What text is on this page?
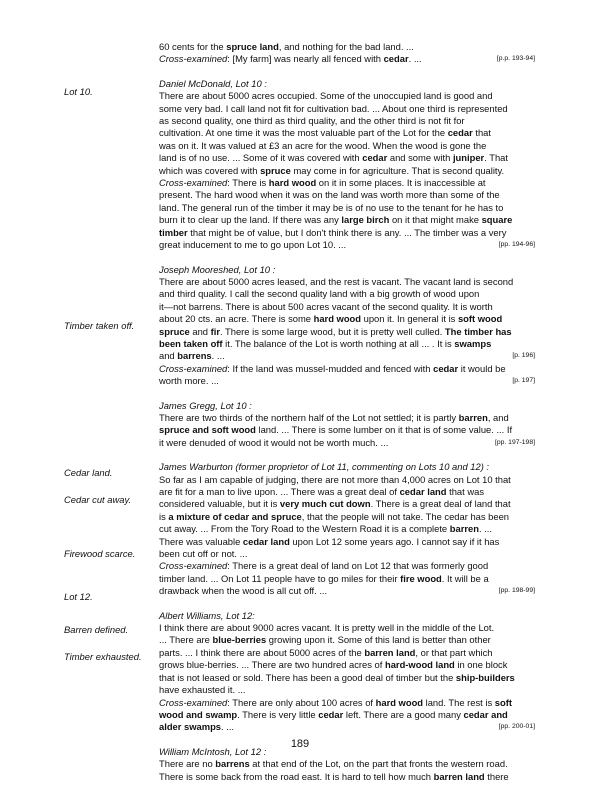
Lot 10.
Timber taken off.
Cedar land.
Cedar cut away.
Firewood scarce.
Lot 12.
Barren defined.
Timber exhausted.
60 cents for the spruce land, and nothing for the bad land. ...
[p.p. 193-94]
Cross-examined: [My farm] was nearly all fenced with cedar. ...
Daniel McDonald, Lot 10 :
There are about 5000 acres occupied. Some of the unoccupied land is good and
some very bad. I call land not fit for cultivation bad. ... About one third is represented
as second quality, one third as third quality, and the other third is not fit for
cultivation. At one time it was the most valuable part of the Lot for the cedar that
was on it. It was valued at £3 an acre for the wood. When the wood is gone the
land is of no use. ... Some of it was covered with cedar and some with juniper. That
which was covered with spruce may come in for agriculture. That is second quality.
Cross-examined: There is hard wood on it in some places. It is inaccessible at
present. The hard wood when it was on the land was worth more than some of the
land. The general run of the timber it may be is of no use to the tenant for he has to
burn it to clear up the land. If there was any large birch on it that might make square
timber that might be of value, but I don't think there is any. ... The timber was a very
[pp. 194-96]
great inducement to me to go upon Lot 10. ...
Joseph Mooreshed, Lot 10 :
There are about 5000 acres leased, and the rest is vacant. The vacant land is second
and third quality. I call the second quality land with a big growth of wood upon
it—not barrens. There is about 500 acres vacant of the second quality. It is worth
about 20 cts. an acre. There is some hard wood upon it. In general it is soft wood
spruce and fir. There is some large wood, but it is pretty well culled. The timber has
been taken off it. The balance of the Lot is worth nothing at all ... . It is swamps
[p. 196]
and barrens. ...
Cross-examined: If the land was mussel-mudded and fenced with cedar it would be
[p. 197]
worth more. ...
James Gregg, Lot 10 :
There are two thirds of the northern half of the Lot not settled; it is partly barren, and
spruce and soft wood land. ... There is some lumber on it that is of some value. ... If
[pp. 197-198]
it were denuded of wood it would not be worth much. ...
James Warburton (former proprietor of Lot 11, commenting on Lots 10 and 12) :
So far as I am capable of judging, there are not more than 4,000 acres on Lot 10 that
are fit for a man to live upon. ... There was a great deal of cedar land that was
considered valuable, but it is very much cut down. There is a great deal of land that
is a mixture of cedar and spruce, that the people will not take. The cedar has been
cut away. ... From the Tory Road to the Western Road it is a complete barren. ...
There was valuable cedar land upon Lot 12 some years ago. I cannot say if it has
been cut off or not. ...
Cross-examined: There is a great deal of land on Lot 12 that was formerly good
timber land. ... On Lot 11 people have to go miles for their fire wood. It will be a
[pp. 198-99]
drawback when the wood is all cut off. ...
Albert Williams, Lot 12:
I think there are about 9000 acres vacant. It is pretty well in the middle of the Lot.
... There are blue-berries growing upon it. Some of this land is better than other
parts. ... I think there are about 5000 acres of the barren land, or that part which
grows blue-berries. ... There are two hundred acres of hard-wood land in one block
that is not leased or sold. There has been a good deal of timber but the ship-builders
have exhausted it. ...
Cross-examined: There are only about 100 acres of hard wood land. The rest is soft
wood and swamp. There is very little cedar left. There are a good many cedar and
[pp. 200-01]
alder swamps. ...
William McIntosh, Lot 12 :
There are no barrens at that end of the Lot, on the part that fronts the western road.
There is some back from the road east. It is hard to tell how much barren land there
189
